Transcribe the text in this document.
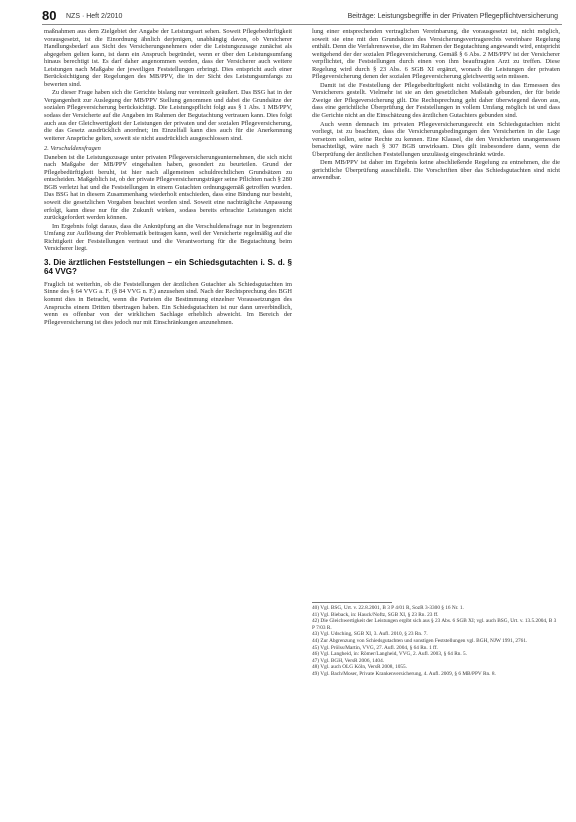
80 NZS · Heft 2/2010	Beiträge: Leistungsbegriffe in der Privaten Pflegepflichtversicherung

maßnahmen aus dem Zielgebiet der Angabe der Leistungsart sehen. Soweit Pflegebedürftigkeit vorausgesetzt, ist die Einordnung ähnlich derjenigen, unabhängig davon, ob Versicherer Handlungsbedarf aus Sicht des Versicherungsnehmers oder die Leistungszusage zunächst als abgegeben gelten kann, ist dann ein Anspruch begründet, wenn er über den Leistungsumfang hinaus berechtigt ist. Es darf daher angenommen werden, dass der Versicherer auch weitere Leistungen nach Maßgabe der jeweiligen Feststellungen erbringt. Dies entspricht auch einer Berücksichtigung der Regelungen des MB/PPV, die in der Sicht des Leistungsumfangs zu bewerten sind.

Zu dieser Frage haben sich die Gerichte bislang nur vereinzelt geäußert. Das BSG hat in der Vergangenheit zur Auslegung der MB/PPV Stellung genommen und dabei die Grundsätze der sozialen Pflegeversicherung berücksichtigt. Die Leistungspflicht folgt aus § 1 Abs. 1 MB/PPV, sodass der Versicherte auf die Angaben im Rahmen der Begutachtung vertrauen kann. Dies folgt auch aus der Gleichwertigkeit der Leistungen der privaten und der sozialen Pflegeversicherung, die das Gesetz ausdrücklich anordnet; im Einzelfall kann dies auch für die Anerkennung weiterer Ansprüche gelten, soweit sie nicht ausdrücklich ausgeschlossen sind.

2. Verschuldensfragen

Daneben ist die Leistungszusage unter privaten Pflegeversicherungsunternehmen, die sich nicht nach Maßgabe der MB/PPV eingehalten haben, gesondert zu beurteilen. Grund der Pflegebedürftigkeit beruht, ist hier nach allgemeinen schuldrechtlichen Grundsätzen zu entscheiden. Maßgeblich ist, ob der private Pflegeversicherungsträger seine Pflichten nach § 280 BGB verletzt hat und die Feststellungen in einem Gutachten ordnungsgemäß getroffen wurden. Das BSG hat in diesem Zusammenhang wiederholt entschieden, dass eine Bindung nur besteht, soweit die gesetzlichen Vorgaben beachtet worden sind. Soweit eine nachträgliche Anpassung erfolgt, kann diese nur für die Zukunft wirken, sodass bereits erbrachte Leistungen nicht zurückgefordert werden können.

Im Ergebnis folgt daraus, dass die Anknüpfung an die Verschuldensfrage nur in begrenztem Umfang zur Auflösung der Problematik beitragen kann, weil der Versicherte regelmäßig auf die Richtigkeit der Feststellungen vertraut und die Verantwortung für die Begutachtung beim Versicherer liegt.

3. Die ärztlichen Feststellungen – ein Schiedsgutachten i. S. d. § 64 VVG?

Fraglich ist weiterhin, ob die Feststellungen der ärztlichen Gutachter als Schiedsgutachten im Sinne des § 64 VVG a. F. (§ 84 VVG n. F.) anzusehen sind. Nach der Rechtsprechung des BGH kommt dies in Betracht, wenn die Parteien die Bestimmung einzelner Voraussetzungen des Anspruchs einem Dritten übertragen haben. Ein Schiedsgutachten ist nur dann unverbindlich, wenn es offenbar von der wirklichen Sachlage erheblich abweicht. Im Bereich der Pflegeversicherung ist dies jedoch nur mit Einschränkungen anzunehmen.

lung einer entsprechenden vertraglichen Vereinbarung, die vorausgesetzt ist, nicht möglich, soweit sie eine mit den Grundsätzen des Versicherungsvertragsrechts vereinbare Regelung enthält. Denn die Verfahrensweise, die im Rahmen der Begutachtung angewandt wird, entspricht weitgehend der der sozialen Pflegeversicherung. Gemäß § 6 Abs. 2 MB/PPV ist der Versicherer verpflichtet, die Feststellungen durch einen von ihm beauftragten Arzt zu treffen. Diese Regelung wird durch § 23 Abs. 6 SGB XI ergänzt, wonach die Leistungen der privaten Pflegeversicherung denen der sozialen Pflegeversicherung gleichwertig sein müssen.

Damit ist die Feststellung der Pflegebedürftigkeit nicht vollständig in das Ermessen des Versicherers gestellt. Vielmehr ist sie an den gesetzlichen Maßstab gebunden, der für beide Zweige der Pflegeversicherung gilt. Die Rechtsprechung geht daher überwiegend davon aus, dass eine gerichtliche Überprüfung der Feststellungen in vollem Umfang möglich ist und dass die Gerichte nicht an die Einschätzung des ärztlichen Gutachters gebunden sind.

Auch wenn demnach im privaten Pflegeversicherungsrecht ein Schiedsgutachten nicht vorliegt, ist zu beachten, dass die Versicherungsbedingungen den Versicherten in die Lage versetzen sollen, seine Rechte zu kennen. Eine Klausel, die den Versicherten unangemessen benachteiligt, wäre nach § 307 BGB unwirksam. Dies gilt insbesondere dann, wenn die Überprüfung der ärztlichen Feststellungen unzulässig eingeschränkt würde.

Dem MB/PPV ist daher im Ergebnis keine abschließende Regelung zu entnehmen, die die gerichtliche Überprüfung ausschließt. Die Vorschriften über das Schiedsgutachten sind nicht anwendbar.

40) Vgl. BSG, Urt. v. 22.8.2001, B 3 P 4/01 R, SozR 3-3300 § 16 Nr. 1.
41) Vgl. Bieback, in: Hauck/Noftz, SGB XI, § 23 Rn. 23 ff.
42) Die Gleichwertigkeit der Leistungen ergibt sich aus § 23 Abs. 6 SGB XI; vgl. auch BSG, Urt. v. 13.5.2004, B 3 P 7/03 R.
43) Vgl. Udsching, SGB XI, 3. Aufl. 2010, § 23 Rn. 7.
44) Zur Abgrenzung von Schiedsgutachten und sonstigen Feststellungen vgl. BGH, NJW 1991, 2761.
45) Vgl. Prölss/Martin, VVG, 27. Aufl. 2004, § 64 Rn. 1 ff.
46) Vgl. Langheid, in: Römer/Langheid, VVG, 2. Aufl. 2003, § 64 Rn. 5.
47) Vgl. BGH, VersR 2006, 1404.
48) Vgl. auch OLG Köln, VersR 2008, 1055.
49) Vgl. Bach/Moser, Private Krankenversicherung, 4. Aufl. 2009, § 6 MB/PPV Rn. 8.
